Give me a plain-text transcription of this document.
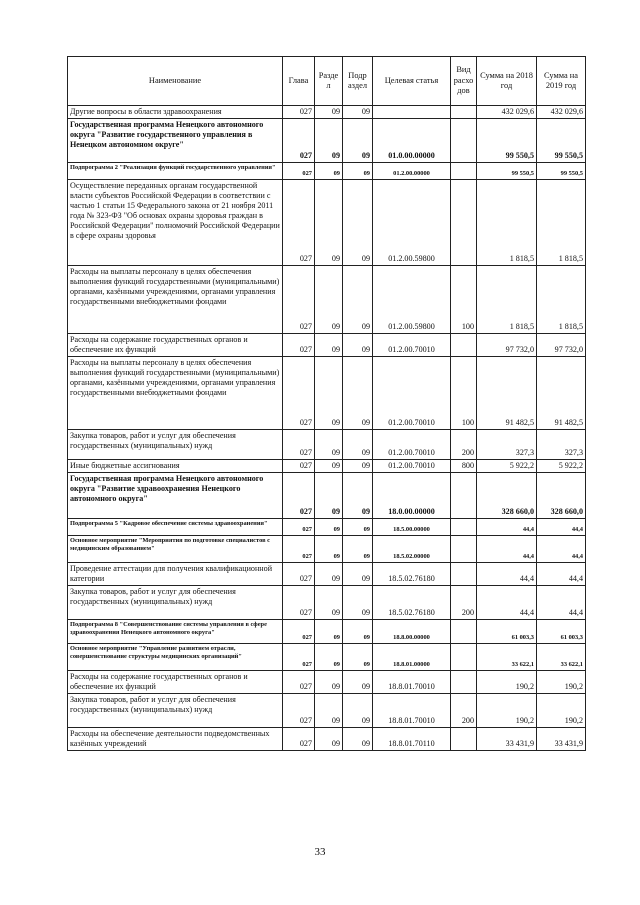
Наименование	Глава	Разде л	Подр аздел	Целевая статья	Вид расхо дов	Сумма на 2018 год	Сумма на 2019 год
Другие вопросы в области здравоохранения	027	09	09			432 029,6	432 029,6
Государственная программа Ненецкого автономного округа "Развитие государственного управления в Ненецком автономном округе"	027	09	09	01.0.00.00000		99 550,5	99 550,5
Подпрограмма 2 "Реализация функций государственного управления"	027	09	09	01.2.00.00000		99 550,5	99 550,5
Осуществление переданных органам государственной власти субъектов Российской Федерации в соответствии с частью 1 статьи 15 Федерального закона от 21 ноября 2011 года № 323-ФЗ "Об основах охраны здоровья граждан в Российской Федерации" полномочий Российской Федерации в сфере охраны здоровья	027	09	09	01.2.00.59800		1 818,5	1 818,5
Расходы на выплаты персоналу в целях обеспечения выполнения функций государственными (муниципальными) органами, казёнными учреждениями, органами управления государственными внебюджетными фондами	027	09	09	01.2.00.59800	100	1 818,5	1 818,5
Расходы на содержание государственных органов и обеспечение их функций	027	09	09	01.2.00.70010		97 732,0	97 732,0
Расходы на выплаты персоналу в целях обеспечения выполнения функций государственными (муниципальными) органами, казёнными учреждениями, органами управления государственными внебюджетными фондами	027	09	09	01.2.00.70010	100	91 482,5	91 482,5
Закупка товаров, работ и услуг для обеспечения государственных (муниципальных) нужд	027	09	09	01.2.00.70010	200	327,3	327,3
Иные бюджетные ассигнования	027	09	09	01.2.00.70010	800	5 922,2	5 922,2
Государственная программа Ненецкого автономного округа "Развитие здравоохранения Ненецкого автономного округа"	027	09	09	18.0.00.00000		328 660,0	328 660,0
Подпрограмма 5 "Кадровое обеспечение системы здравоохранения"	027	09	09	18.5.00.00000		44,4	44,4
Основное мероприятие "Мероприятия по подготовке специалистов с медицинским образованием"	027	09	09	18.5.02.00000		44,4	44,4
Проведение аттестации для получения квалификационной категории	027	09	09	18.5.02.76180		44,4	44,4
Закупка товаров, работ и услуг для обеспечения государственных (муниципальных) нужд	027	09	09	18.5.02.76180	200	44,4	44,4
Подпрограмма 8 "Совершенствование системы управления в сфере здравоохранения Ненецкого автономного округа"	027	09	09	18.8.00.00000		61 003,3	61 003,3
Основное мероприятие "Управление развитием отрасли, совершенствование структуры медицинских организаций"	027	09	09	18.8.01.00000		33 622,1	33 622,1
Расходы на содержание государственных органов и обеспечение их функций	027	09	09	18.8.01.70010		190,2	190,2
Закупка товаров, работ и услуг для обеспечения государственных (муниципальных) нужд	027	09	09	18.8.01.70010	200	190,2	190,2
Расходы на обеспечение деятельности подведомственных казённых учреждений	027	09	09	18.8.01.70110		33 431,9	33 431,9
33
